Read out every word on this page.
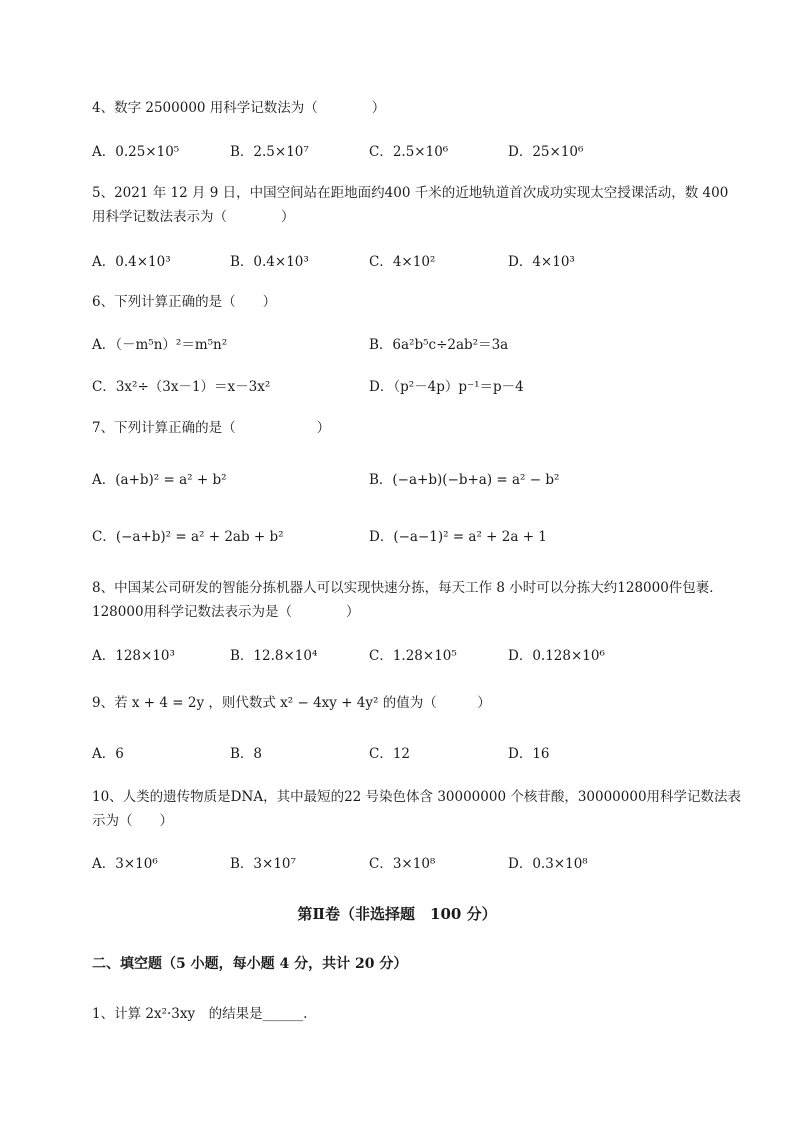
4、数字 2500000 用科学记数法为（　　　　）

A．0.25×10⁵	B．2.5×10⁷	C．2.5×10⁶	D．25×10⁶

5、2021 年 12 月 9 日，中国空间站在距地面约400 千米的近地轨道首次成功实现太空授课活动，数 400 用科学记数法表示为（　　　　）

A．0.4×10³	B．0.4×10³	C．4×10²	D．4×10³

6、下列计算正确的是（　　）

A．（－m⁵n）²＝m⁵n²	B．6a²b⁵c÷2ab²＝3a
C．3x²÷（3x－1）＝x－3x²	D．（p²－4p）p⁻¹＝p－4

7、下列计算正确的是（　　　　　　）

A．(a+b)² = a² + b²	B．(−a+b)(−b+a) = a² − b²
C．(−a+b)² = a² + 2ab + b²	D．(−a−1)² = a² + 2a + 1

8、中国某公司研发的智能分拣机器人可以实现快速分拣，每天工作 8 小时可以分拣大约128000件包裹．128000用科学记数法表示为是（　　　　）

A．128×10³	B．12.8×10⁴	C．1.28×10⁵	D．0.128×10⁶

9、若 x + 4 = 2y ，则代数式 x² − 4xy + 4y² 的值为（　　　）

A．6	B．8	C．12	D．16

10、人类的遗传物质是DNA，其中最短的22 号染色体含 30000000 个核苷酸，30000000用科学记数法表示为（　　）

A．3×10⁶	B．3×10⁷	C．3×10⁸	D．0.3×10⁸
第Ⅱ卷（非选择题　100 分）
二、填空题（5 小题，每小题 4 分，共计 20 分）

1、计算 2x²·3xy　的结果是______.
